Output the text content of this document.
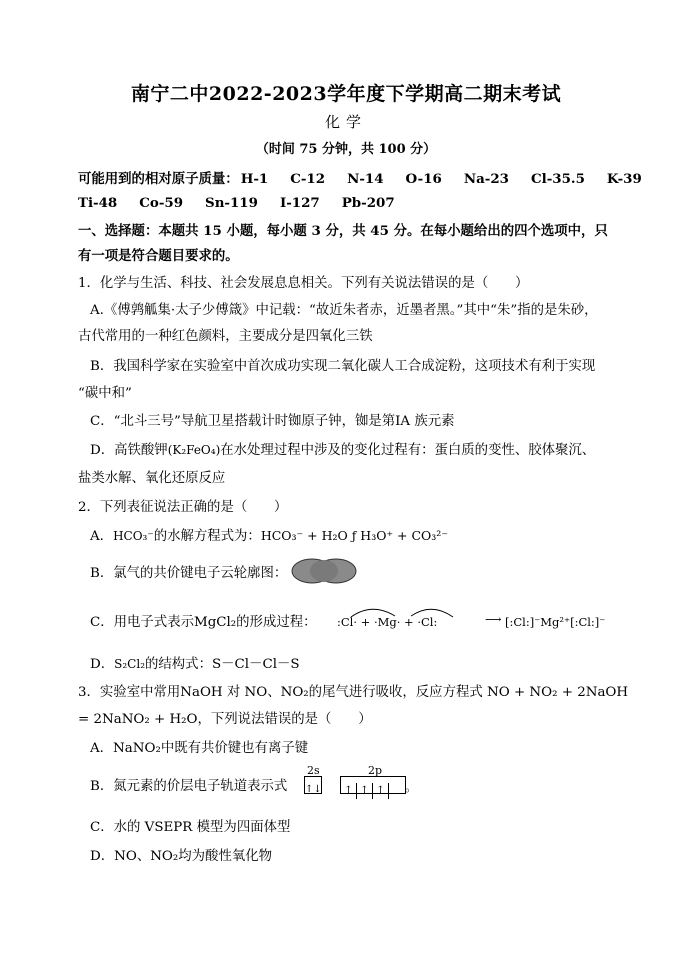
南宁二中2022-2023学年度下学期高二期末考试
化学
（时间 75 分钟，共 100 分）
可能用到的相对原子质量： H-1 C-12 N-14 O-16 Na-23 Cl-35.5 K-39
Ti-48 Co-59 Sn-119 I-127 Pb-207
一、选择题：本题共 15 小题，每小题 3 分，共 45 分。在每小题给出的四个选项中，只
有一项是符合题目要求的。
1．化学与生活、科技、社会发展息息相关。下列有关说法错误的是（　　）
A.《傅鹑觚集·太子少傅箴》中记载：“故近朱者赤，近墨者黑。”其中“朱”指的是朱砂，
古代常用的一种红色颜料，主要成分是四氧化三铁
B．我国科学家在实验室中首次成功实现二氧化碳人工合成淀粉，这项技术有利于实现
“碳中和”
C．“北斗三号”导航卫星搭载计时铷原子钟，铷是第ⅠA 族元素
D．高铁酸钾(K₂FeO₄)在水处理过程中涉及的变化过程有：蛋白质的变性、胶体聚沉、
盐类水解、氧化还原反应
2．下列表征说法正确的是（　　）
A．HCO₃⁻的水解方程式为：HCO₃⁻ + H₂O ƒ H₃O⁺ + CO₃²⁻
B．氯气的共价键电子云轮廓图：
C．用电子式表示MgCl₂的形成过程： :Cl· + ·Mg· + ·Cl:	⟶ [:Cl:]⁻Mg²⁺[:Cl:]⁻
D．S₂Cl₂的结构式：S－Cl－Cl－S
3．实验室中常用NaOH 对 NO、NO₂的尾气进行吸收，反应方程式 NO + NO₂ + 2NaOH
= 2NaNO₂ + H₂O，下列说法错误的是（　　）
A．NaNO₂中既有共价键也有离子键
B．氮元素的价层电子轨道表示式
2s	2p
↑↓	↑ ↑ ↑	。
C．水的 VSEPR 模型为四面体型
D．NO、NO₂均为酸性氧化物
